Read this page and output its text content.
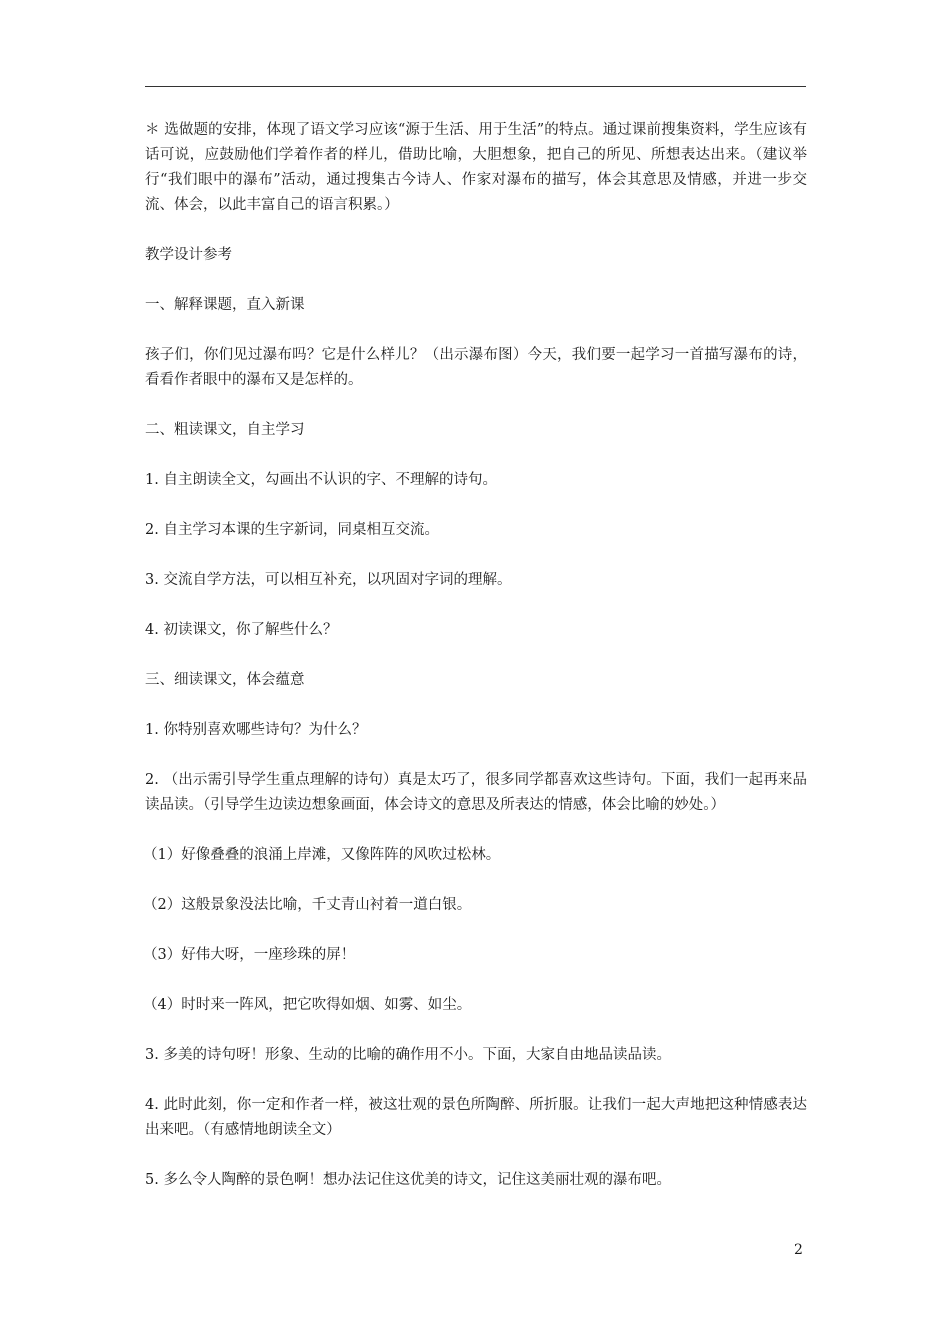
＊ 选做题的安排，体现了语文学习应该“源于生活、用于生活”的特点。通过课前搜集资料，学生应该有话可说，应鼓励他们学着作者的样儿，借助比喻，大胆想象，把自己的所见、所想表达出来。（建议举行“我们眼中的瀑布”活动，通过搜集古今诗人、作家对瀑布的描写，体会其意思及情感，并进一步交流、体会，以此丰富自己的语言积累。）

教学设计参考

一、解释课题，直入新课

孩子们，你们见过瀑布吗？它是什么样儿？（出示瀑布图）今天，我们要一起学习一首描写瀑布的诗，看看作者眼中的瀑布又是怎样的。

二、粗读课文，自主学习

1. 自主朗读全文，勾画出不认识的字、不理解的诗句。

2. 自主学习本课的生字新词，同桌相互交流。

3. 交流自学方法，可以相互补充，以巩固对字词的理解。

4. 初读课文，你了解些什么？

三、细读课文，体会蕴意

1. 你特别喜欢哪些诗句？为什么？

2. （出示需引导学生重点理解的诗句）真是太巧了，很多同学都喜欢这些诗句。下面，我们一起再来品读品读。（引导学生边读边想象画面，体会诗文的意思及所表达的情感，体会比喻的妙处。）

（1）好像叠叠的浪涌上岸滩，又像阵阵的风吹过松林。

（2）这般景象没法比喻，千丈青山衬着一道白银。

（3）好伟大呀，一座珍珠的屏！

（4）时时来一阵风，把它吹得如烟、如雾、如尘。

3. 多美的诗句呀！形象、生动的比喻的确作用不小。下面，大家自由地品读品读。

4. 此时此刻，你一定和作者一样，被这壮观的景色所陶醉、所折服。让我们一起大声地把这种情感表达出来吧。（有感情地朗读全文）

5. 多么令人陶醉的景色啊！想办法记住这优美的诗文，记住这美丽壮观的瀑布吧。

2
